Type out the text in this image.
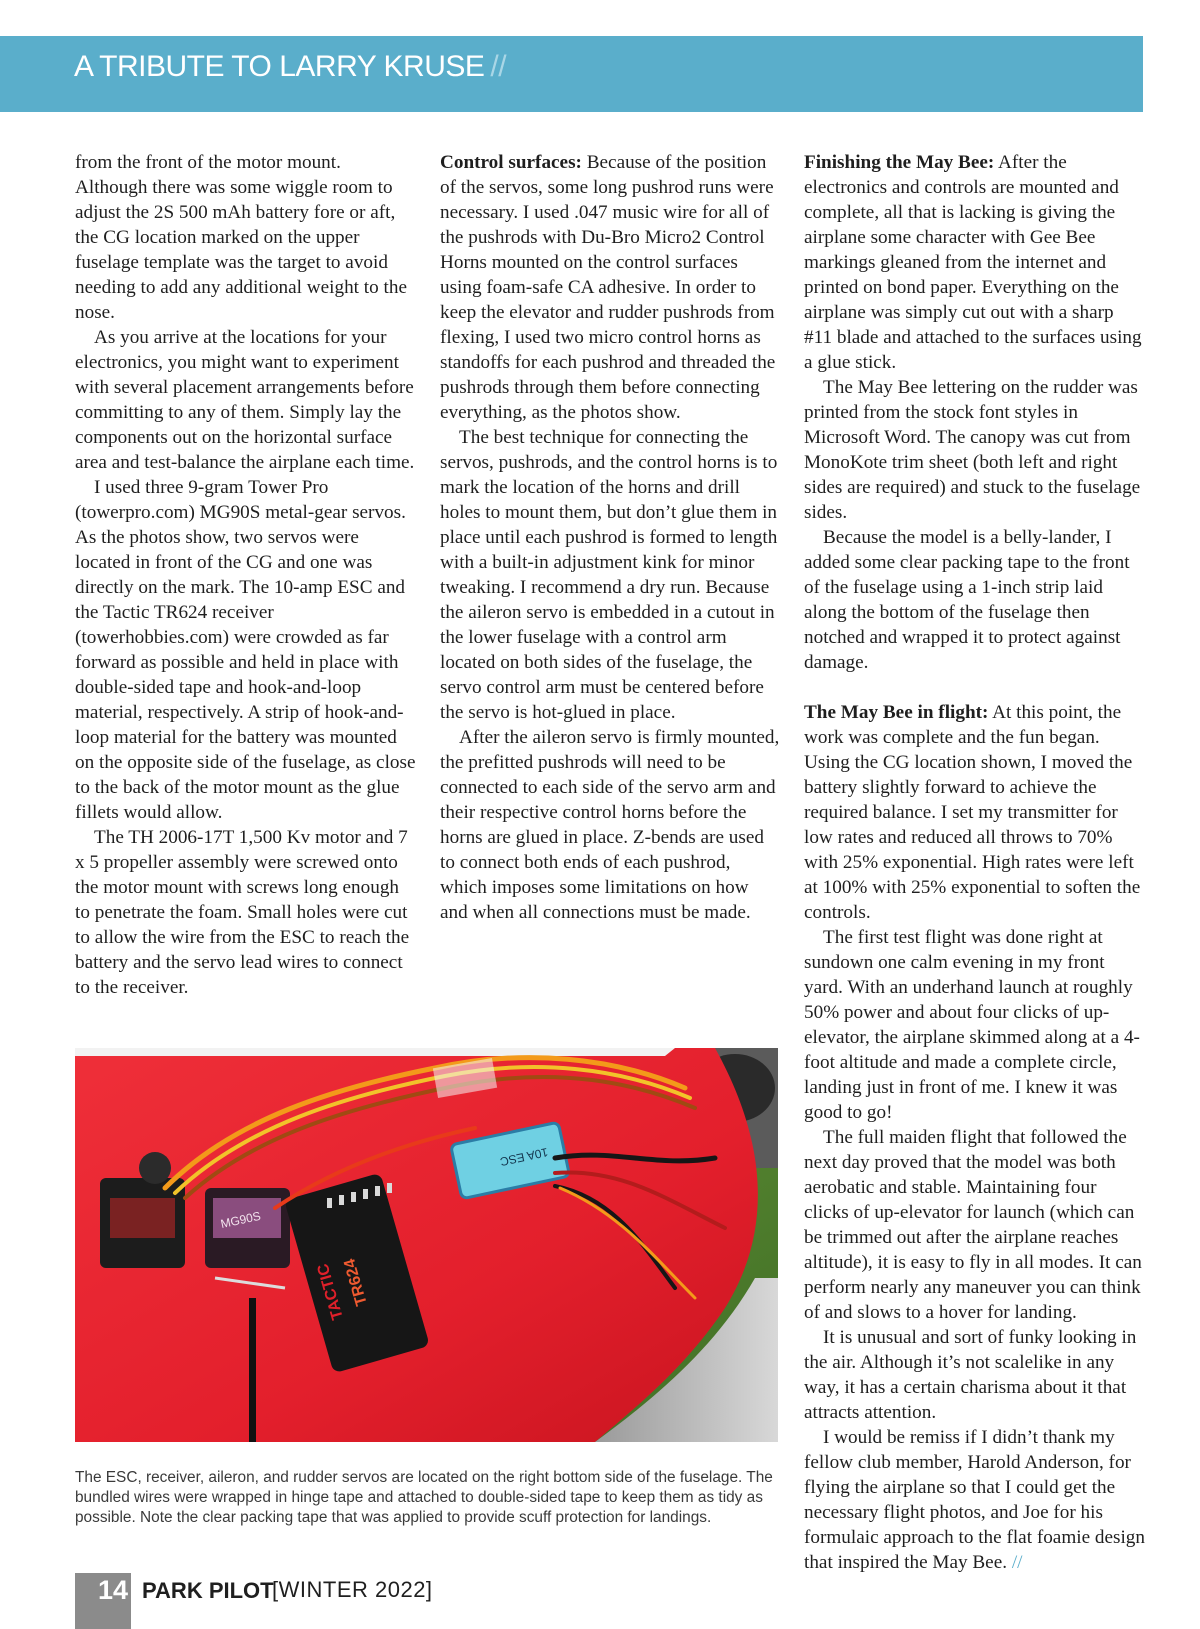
A TRIBUTE TO LARRY KRUSE //

from the front of the motor mount. Although there was some wiggle room to adjust the 2S 500 mAh battery fore or aft, the CG location marked on the upper fuselage template was the target to avoid needing to add any additional weight to the nose.

As you arrive at the locations for your electronics, you might want to experiment with several placement arrangements before committing to any of them. Simply lay the components out on the horizontal surface area and test-balance the airplane each time.

I used three 9-gram Tower Pro (towerpro.com) MG90S metal-gear servos. As the photos show, two servos were located in front of the CG and one was directly on the mark. The 10-amp ESC and the Tactic TR624 receiver (towerhobbies.com) were crowded as far forward as possible and held in place with double-sided tape and hook-and-loop material, respectively. A strip of hook-and-loop material for the battery was mounted on the opposite side of the fuselage, as close to the back of the motor mount as the glue fillets would allow.

The TH 2006-17T 1,500 Kv motor and 7 x 5 propeller assembly were screwed onto the motor mount with screws long enough to penetrate the foam. Small holes were cut to allow the wire from the ESC to reach the battery and the servo lead wires to connect to the receiver.

Control surfaces: Because of the position of the servos, some long pushrod runs were necessary. I used .047 music wire for all of the pushrods with Du-Bro Micro2 Control Horns mounted on the control surfaces using foam-safe CA adhesive. In order to keep the elevator and rudder pushrods from flexing, I used two micro control horns as standoffs for each pushrod and threaded the pushrods through them before connecting everything, as the photos show.

The best technique for connecting the servos, pushrods, and the control horns is to mark the location of the horns and drill holes to mount them, but don’t glue them in place until each pushrod is formed to length with a built-in adjustment kink for minor tweaking. I recommend a dry run. Because the aileron servo is embedded in a cutout in the lower fuselage with a control arm located on both sides of the fuselage, the servo control arm must be centered before the servo is hot-glued in place.

After the aileron servo is firmly mounted, the prefitted pushrods will need to be connected to each side of the servo arm and their respective control horns before the horns are glued in place. Z-bends are used to connect both ends of each pushrod, which imposes some limitations on how and when all connections must be made.

Finishing the May Bee: After the electronics and controls are mounted and complete, all that is lacking is giving the airplane some character with Gee Bee markings gleaned from the internet and printed on bond paper. Everything on the airplane was simply cut out with a sharp #11 blade and attached to the surfaces using a glue stick.

The May Bee lettering on the rudder was printed from the stock font styles in Microsoft Word. The canopy was cut from MonoKote trim sheet (both left and right sides are required) and stuck to the fuselage sides.

Because the model is a belly-lander, I added some clear packing tape to the front of the fuselage using a 1-inch strip laid along the bottom of the fuselage then notched and wrapped it to protect against damage.

The May Bee in flight: At this point, the work was complete and the fun began. Using the CG location shown, I moved the battery slightly forward to achieve the required balance. I set my transmitter for low rates and reduced all throws to 70% with 25% exponential. High rates were left at 100% with 25% exponential to soften the controls.

The first test flight was done right at sundown one calm evening in my front yard. With an underhand launch at roughly 50% power and about four clicks of up-elevator, the airplane skimmed along at a 4-foot altitude and made a complete circle, landing just in front of me. I knew it was good to go!

The full maiden flight that followed the next day proved that the model was both aerobatic and stable. Maintaining four clicks of up-elevator for launch (which can be trimmed out after the airplane reaches altitude), it is easy to fly in all modes. It can perform nearly any maneuver you can think of and slows to a hover for landing.

It is unusual and sort of funky looking in the air. Although it’s not scalelike in any way, it has a certain charisma about it that attracts attention.

I would be remiss if I didn’t thank my fellow club member, Harold Anderson, for flying the airplane so that I could get the necessary flight photos, and Joe for his formulaic approach to the flat foamie design that inspired the May Bee. //

MG90S
TACTIC
TR624
10A ESC
The ESC, receiver, aileron, and rudder servos are located on the right bottom side of the fuselage. The bundled wires were wrapped in hinge tape and attached to double-sided tape to keep them as tidy as possible. Note the clear packing tape that was applied to provide scuff protection for landings.
14 PARK PILOT
[WINTER 2022]
